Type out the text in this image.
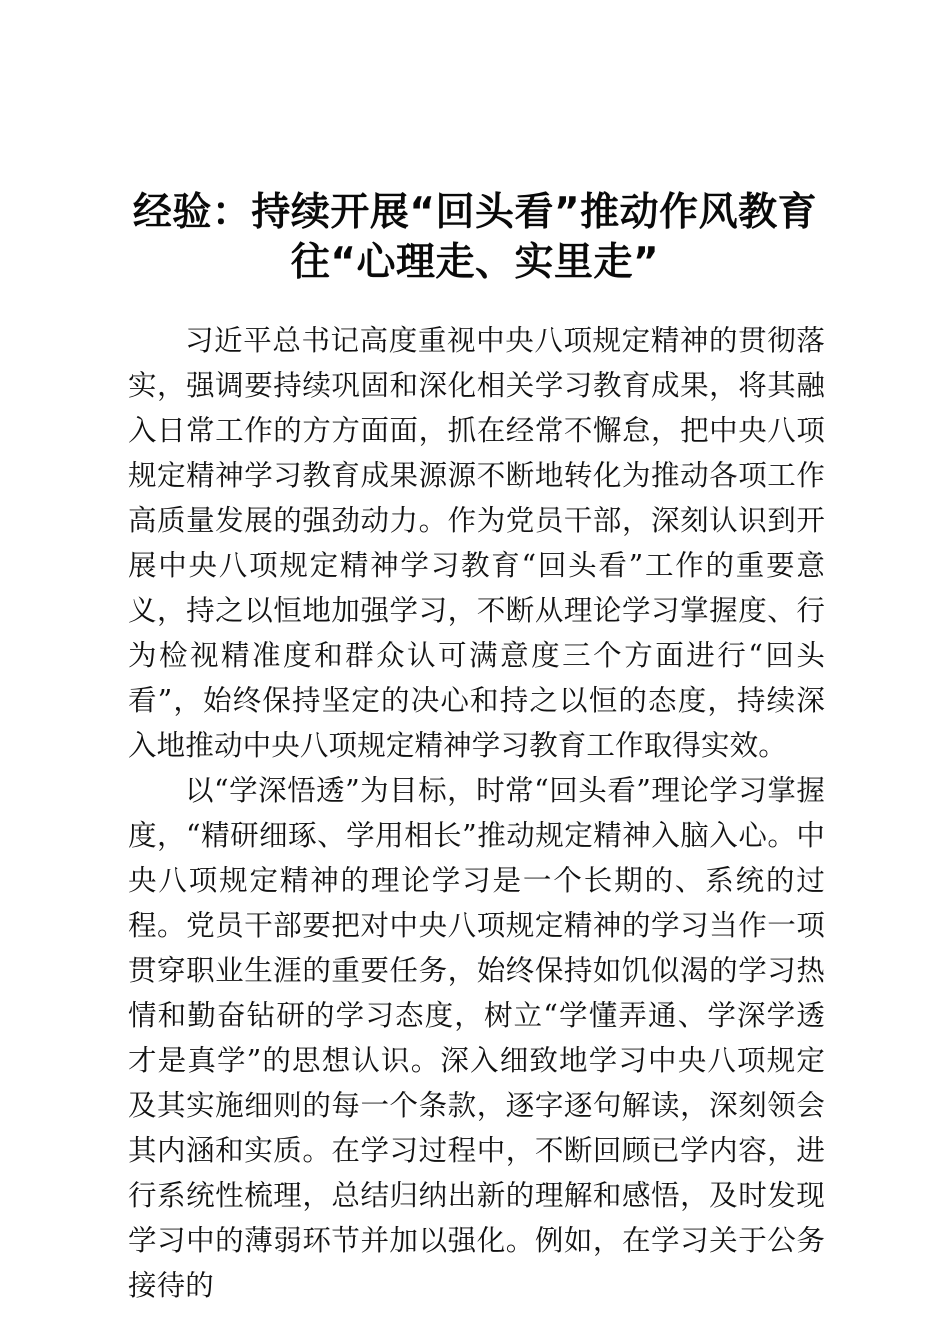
经验：持续开展“回头看”推动作风教育往“心理走、实里走”

习近平总书记高度重视中央八项规定精神的贯彻落实，强调要持续巩固和深化相关学习教育成果，将其融入日常工作的方方面面，抓在经常不懈怠，把中央八项规定精神学习教育成果源源不断地转化为推动各项工作高质量发展的强劲动力。作为党员干部，深刻认识到开展中央八项规定精神学习教育“回头看”工作的重要意义，持之以恒地加强学习，不断从理论学习掌握度、行为检视精准度和群众认可满意度三个方面进行“回头看”，始终保持坚定的决心和持之以恒的态度，持续深入地推动中央八项规定精神学习教育工作取得实效。

以“学深悟透”为目标，时常“回头看”理论学习掌握度，“精研细琢、学用相长”推动规定精神入脑入心。中央八项规定精神的理论学习是一个长期的、系统的过程。党员干部要把对中央八项规定精神的学习当作一项贯穿职业生涯的重要任务，始终保持如饥似渴的学习热情和勤奋钻研的学习态度，树立“学懂弄通、学深学透才是真学”的思想认识。深入细致地学习中央八项规定及其实施细则的每一个条款，逐字逐句解读，深刻领会其内涵和实质。在学习过程中，不断回顾已学内容，进行系统性梳理，总结归纳出新的理解和感悟，及时发现学习中的薄弱环节并加以强化。例如，在学习关于公务接待的
